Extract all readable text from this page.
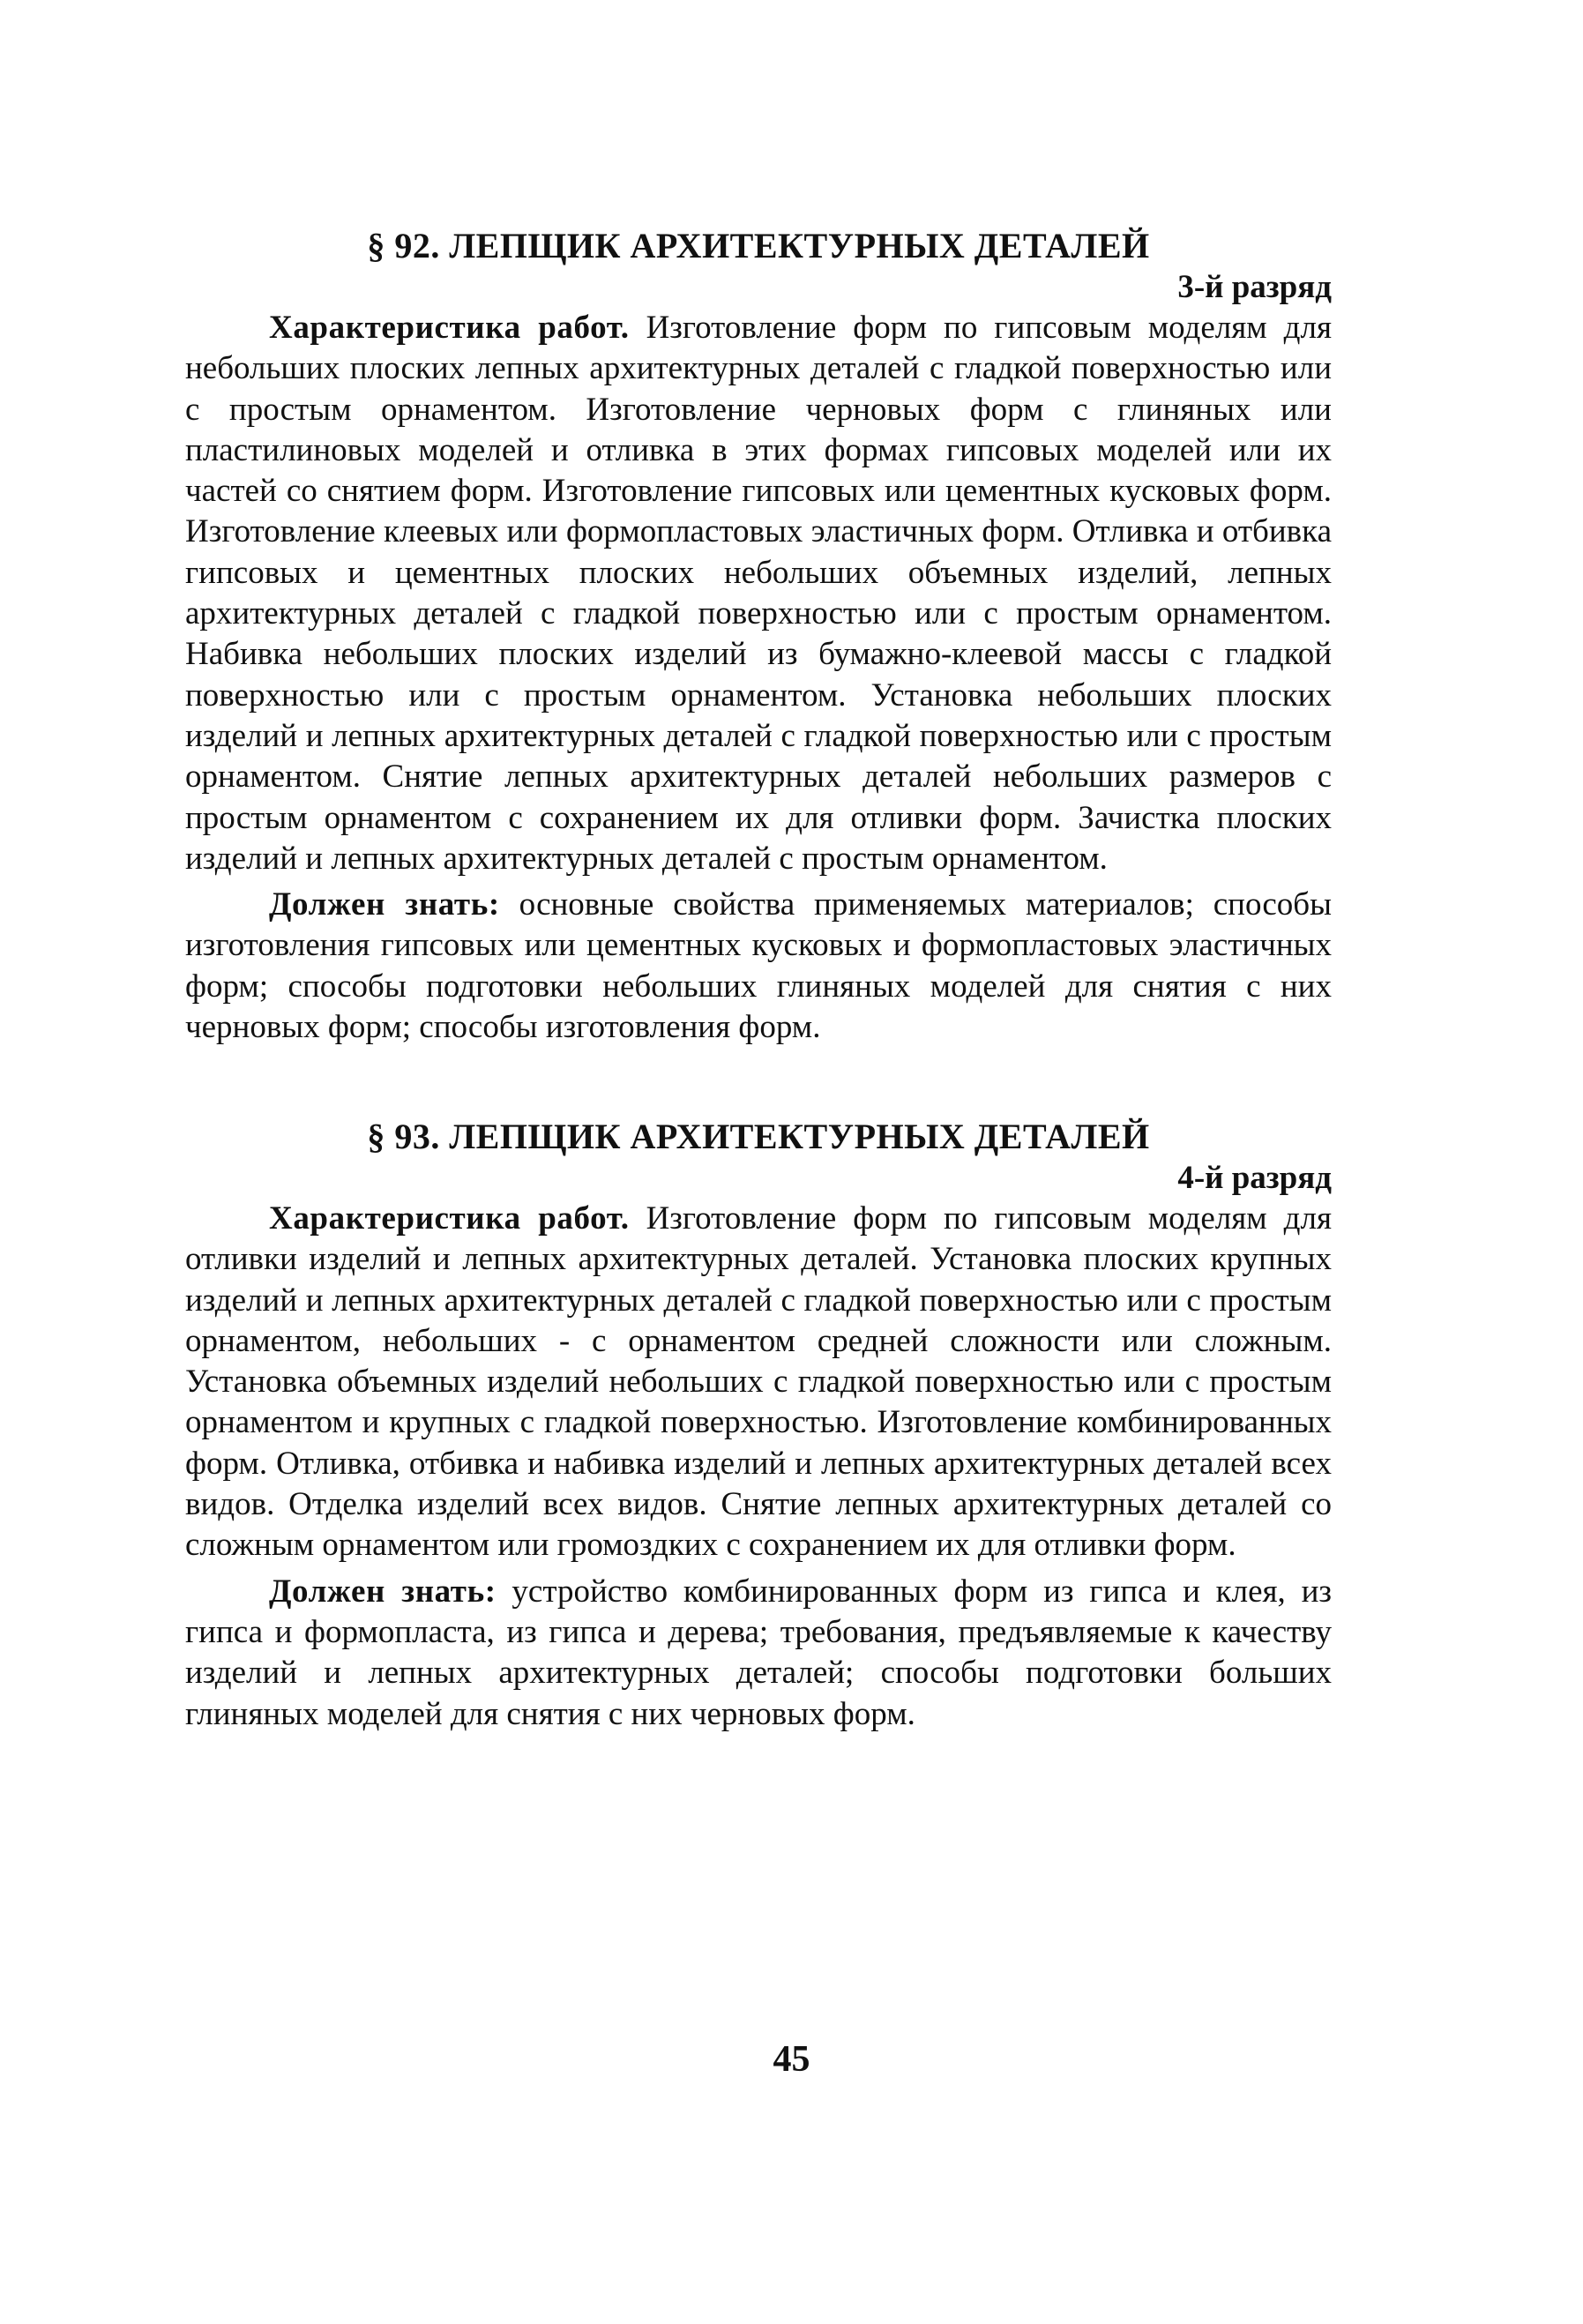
§ 92. ЛЕПЩИК АРХИТЕКТУРНЫХ ДЕТАЛЕЙ

3-й разряд

Характеристика работ. Изготовление форм по гипсовым моделям для небольших плоских лепных архитектурных деталей с гладкой поверхностью или с простым орнаментом. Изготовление черновых форм с глиняных или пластилиновых моделей и отливка в этих формах гипсовых моделей или их частей со снятием форм. Изготовление гипсовых или цементных кусковых форм. Изготовление клеевых или формопластовых эластичных форм. Отливка и отбивка гипсовых и цементных плоских небольших объемных изделий, лепных архитектурных деталей с гладкой поверхностью или с простым орнаментом. Набивка небольших плоских изделий из бумажно-клеевой массы с гладкой поверхностью или с простым орнаментом. Установка небольших плоских изделий и лепных архитектурных деталей с гладкой поверхностью или с простым орнаментом. Снятие лепных архитектурных деталей небольших размеров с простым орнаментом с сохранением их для отливки форм. Зачистка плоских изделий и лепных архитектурных деталей с простым орнаментом.

Должен знать: основные свойства применяемых материалов; способы изготовления гипсовых или цементных кусковых и формопластовых эластичных форм; способы подготовки небольших глиняных моделей для снятия с них черновых форм; способы изготовления форм.

§ 93. ЛЕПЩИК АРХИТЕКТУРНЫХ ДЕТАЛЕЙ

4-й разряд

Характеристика работ. Изготовление форм по гипсовым моделям для отливки изделий и лепных архитектурных деталей. Установка плоских крупных изделий и лепных архитектурных деталей с гладкой поверхностью или с простым орнаментом, небольших - с орнаментом средней сложности или сложным. Установка объемных изделий небольших с гладкой поверхностью или с простым орнаментом и крупных с гладкой поверхностью. Изготовление комбинированных форм. Отливка, отбивка и набивка изделий и лепных архитектурных деталей всех видов. Отделка изделий всех видов. Снятие лепных архитектурных деталей со сложным орнаментом или громоздких с сохранением их для отливки форм.

Должен знать: устройство комбинированных форм из гипса и клея, из гипса и формопласта, из гипса и дерева; требования, предъявляемые к качеству изделий и лепных архитектурных деталей; способы подготовки больших глиняных моделей для снятия с них черновых форм.

45
